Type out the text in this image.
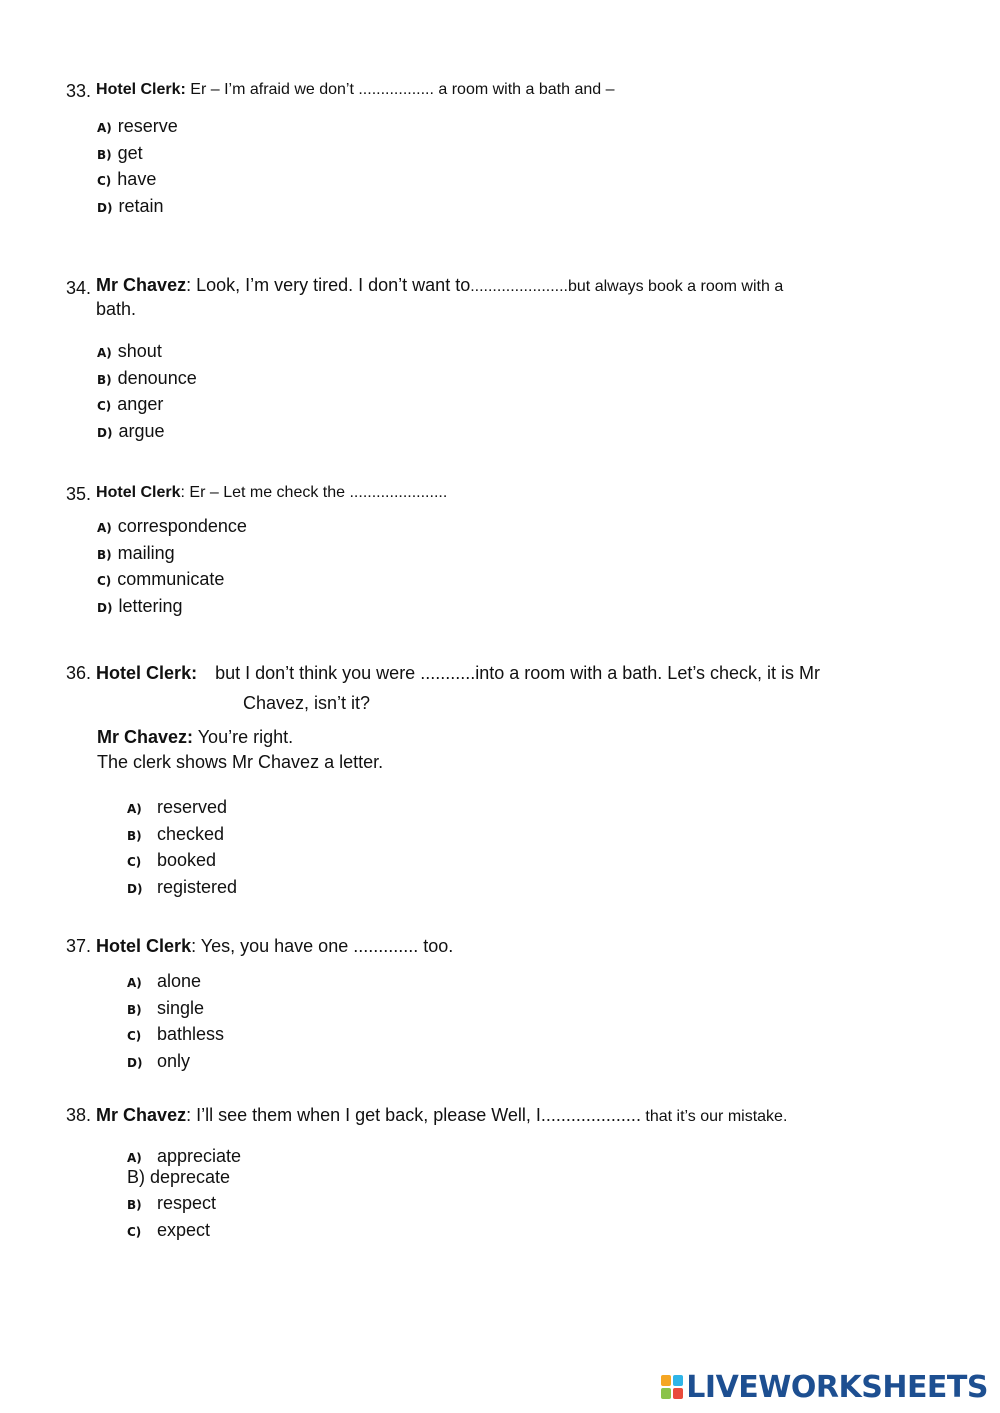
33. Hotel Clerk: Er – I’m afraid we don’t ................. a room with a bath and –
A) reserve
B) get
C) have
D) retain
34. Mr Chavez: Look, I’m very tired. I don’t want to......................but always book a room with a
bath.
A) shout
B) denounce
C) anger
D) argue
35. Hotel Clerk: Er – Let me check the ......................
A) correspondence
B) mailing
C) communicate
D) lettering
36. Hotel Clerk: but I don’t think you were ...........into a room with a bath. Let’s check, it is Mr
Chavez, isn’t it?
Mr Chavez: You’re right.
The clerk shows Mr Chavez a letter.
A) reserved
B) checked
C) booked
D) registered
37. Hotel Clerk: Yes, you have one ............. too.
A) alone
B) single
C) bathless
D) only
38. Mr Chavez: I’ll see them when I get back, please Well, I.................... that it’s our mistake.
A) appreciate
B) deprecate
B) respect
C) expect
LIVEWORKSHEETS
